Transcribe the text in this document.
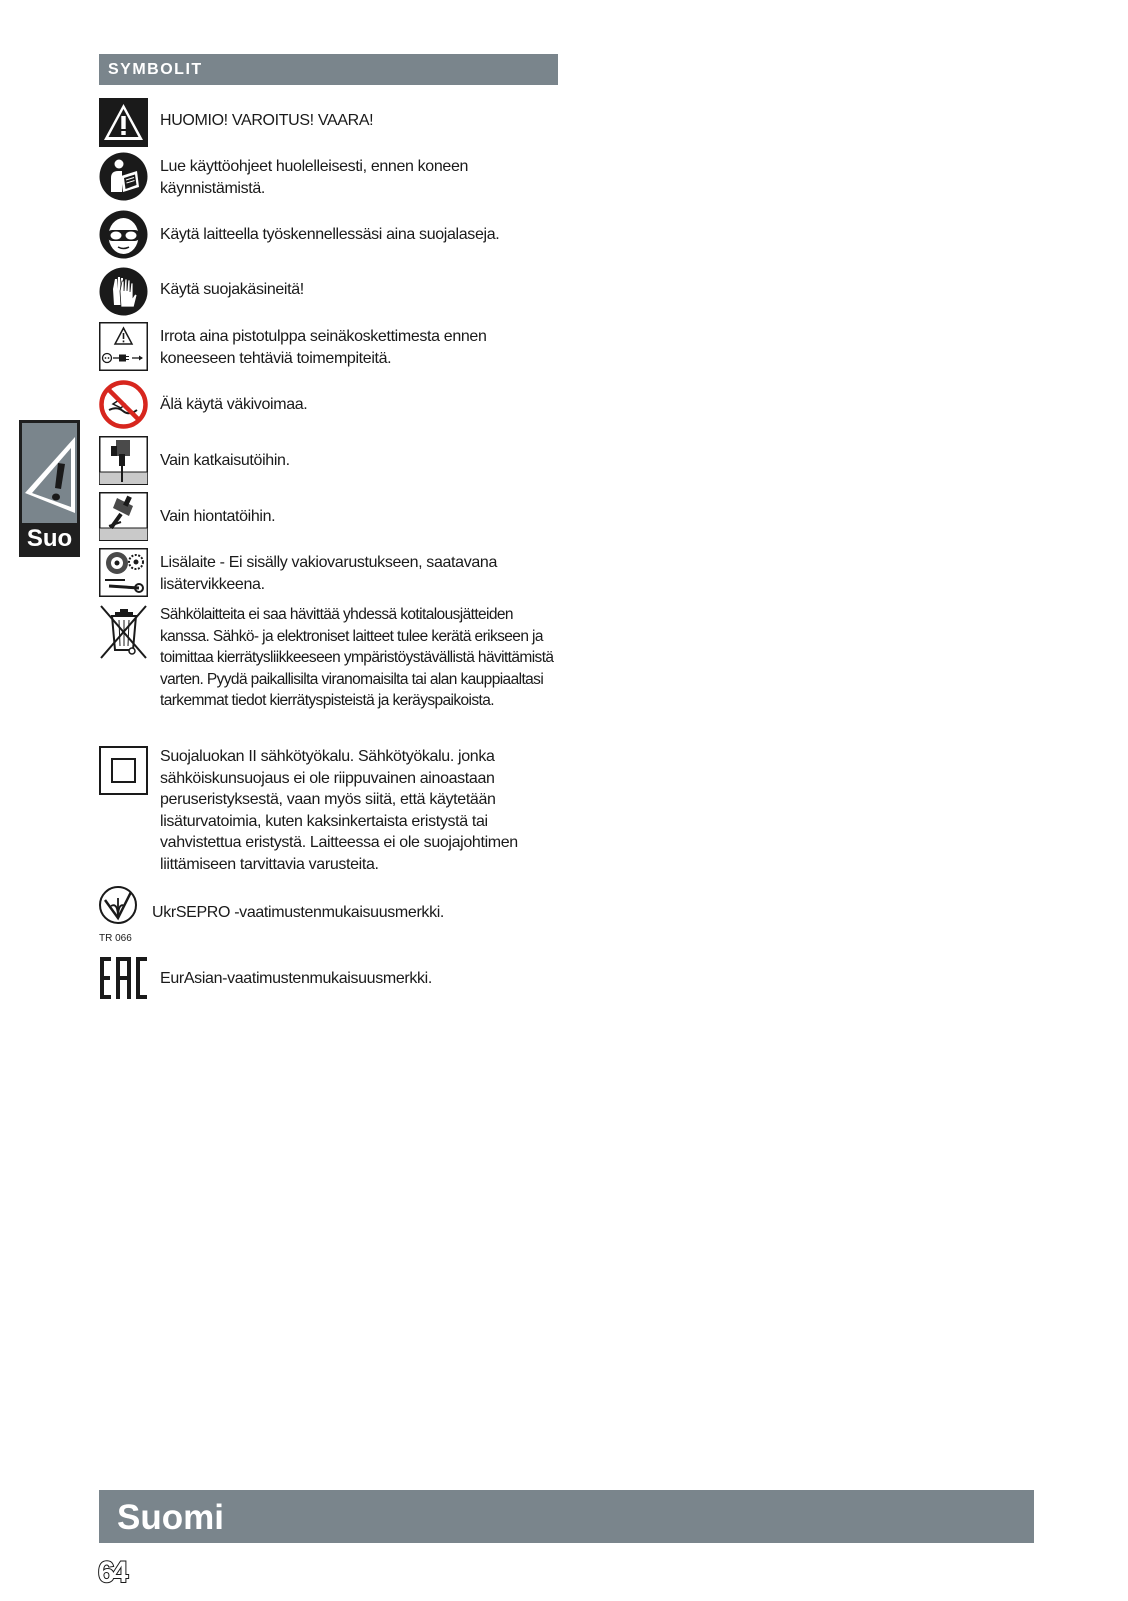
SYMBOLIT
HUOMIO! VAROITUS! VAARA!
Lue käyttöohjeet huolelleisesti, ennen koneen käynnistämistä.
Käytä laitteella työskennellessäsi aina suojalaseja.
Käytä suojakäsineitä!
Irrota aina pistotulppa seinäkoskettimesta ennen koneeseen tehtäviä toimempiteitä.
Älä käytä väkivoimaa.
Vain katkaisutöihin.
Vain hiontatöihin.
Lisälaite - Ei sisälly vakiovarustukseen, saatavana lisätervikkeena.
Sähkölaitteita ei saa hävittää yhdessä kotitalousjätteiden kanssa. Sähkö- ja elektroniset laitteet tulee kerätä erikseen ja toimittaa kierrätysliikkeeseen ympäristöystävällistä hävittämistä varten. Pyydä paikallisilta viranomaisilta tai alan kauppiaaltasi tarkemmat tiedot kierrätyspisteistä ja keräyspaikoista.
Suojaluokan II sähkötyökalu. Sähkötyökalu. jonka sähköiskunsuojaus ei ole riippuvainen ainoastaan peruseristyksestä, vaan myös siitä, että käytetään lisäturvatoimia, kuten kaksinkertaista eristystä tai vahvistettua eristystä. Laitteessa ei ole suojajohtimen liittämiseen tarvittavia varusteita.
TR 066
UkrSEPRO -vaatimustenmukaisuusmerkki.
EurAsian-vaatimustenmukaisuusmerkki.
Suo
Suomi
64
